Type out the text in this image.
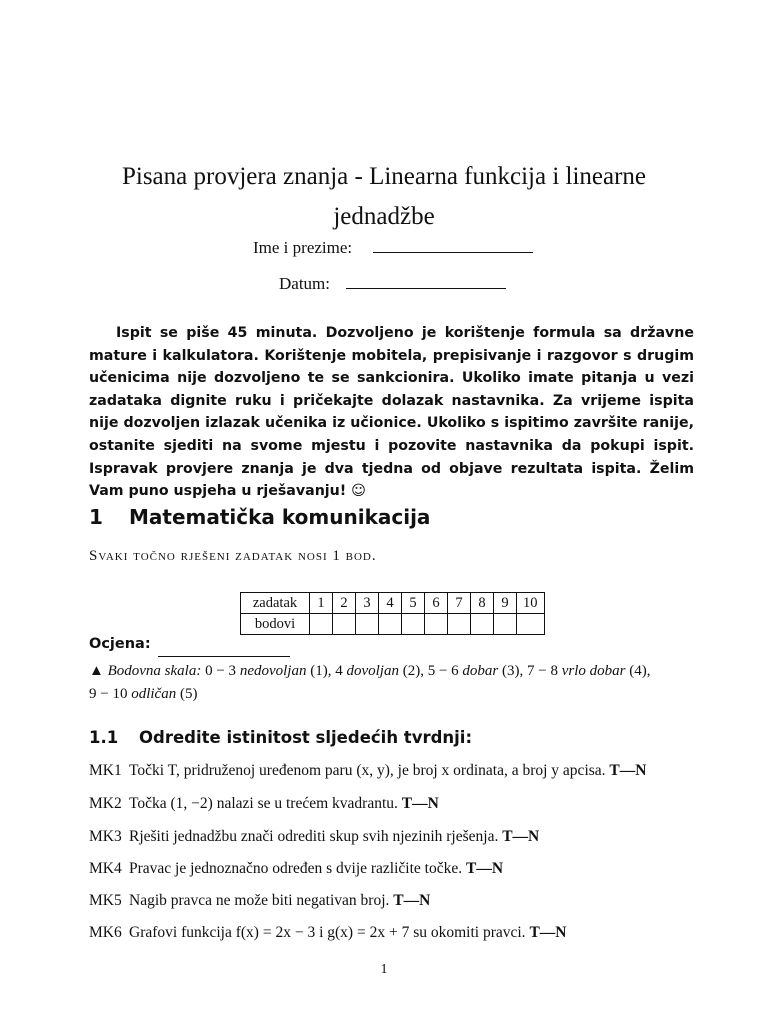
Pisana provjera znanja - Linearna funkcija i linearne
jednadžbe
Ime i prezime:
Datum:

Ispit se piše 45 minuta. Dozvoljeno je korištenje formula sa državne mature i kalkulatora. Korištenje mobitela, prepisivanje i razgovor s drugim učenicima nije dozvoljeno te se sankcionira. Ukoliko imate pitanja u vezi zadataka dignite ruku i pričekajte dolazak nastavnika. Za vrijeme ispita nije dozvoljen izlazak učenika iz učionice. Ukoliko s ispitimo završite ranije, ostanite sjediti na svome mjestu i pozovite nastavnika da pokupi ispit. Ispravak provjere znanja je dva tjedna od objave rezultata ispita. Želim Vam puno uspjeha u rješavanju! ☺

1 Matematička komunikacija
Svaki točno rješeni zadatak nosi 1 bod.
zadatak	1	2	3	4	5	6	7	8	9	10
bodovi										
Ocjena:

▲ Bodovna skala: 0 − 3 nedovoljan (1), 4 dovoljan (2), 5 − 6 dobar (3), 7 − 8 vrlo dobar (4),
9 − 10 odličan (5)

1.1 Odredite istinitost sljedećih tvrdnji:
MK1 Točki T, pridruženoj uređenom paru (x, y), je broj x ordinata, a broj y apcisa. T—N
MK2 Točka (1, −2) nalazi se u trećem kvadrantu. T—N
MK3 Rješiti jednadžbu znači odrediti skup svih njezinih rješenja. T—N
MK4 Pravac je jednoznačno određen s dvije različite točke. T—N
MK5 Nagib pravca ne može biti negativan broj. T—N
MK6 Grafovi funkcija f(x) = 2x − 3 i g(x) = 2x + 7 su okomiti pravci. T—N
1
